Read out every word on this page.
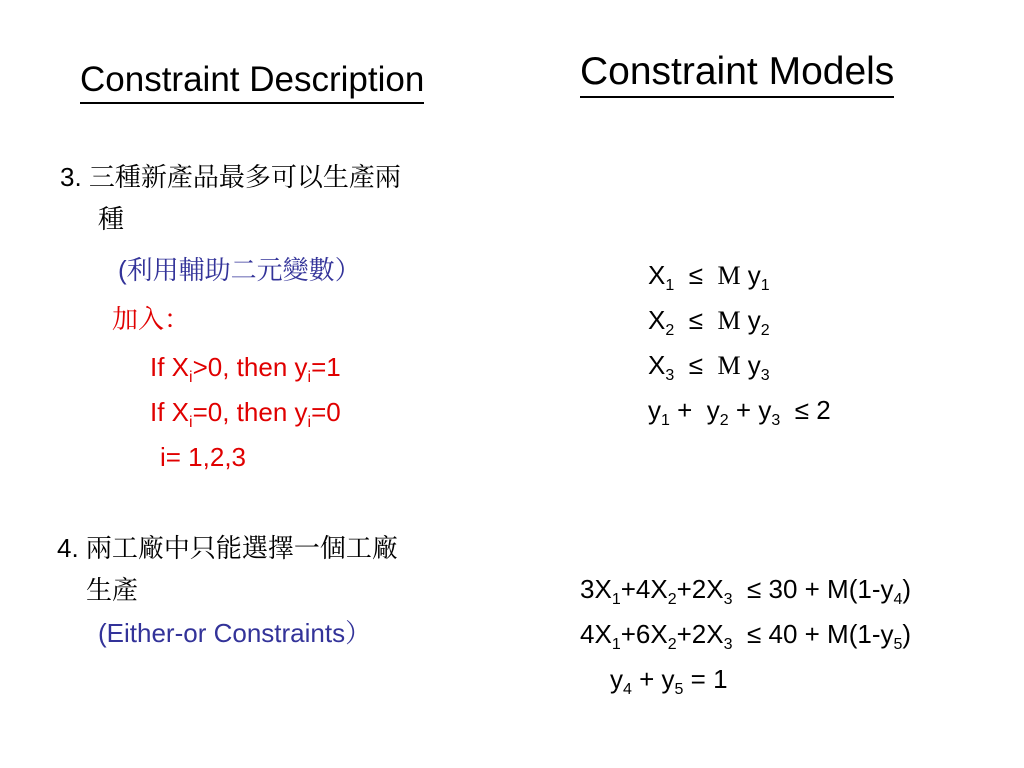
Constraint Description	Constraint Models
3. 三種新產品最多可以生產兩
種
(利用輔助二元變數）
加入：
If $X_i>0$, then $y_i=1$
If $X_i=0$, then $y_i=0$
i= 1,2,3
$X_1 \le M$ $y_1$
$X_2 \le M$ $y_2$
$X_3 \le M$ $y_3$
$y_1 + y_2 + y_3 \le 2$
4. 兩工廠中只能選擇一個工廠
生產
(Either-or Constraints）
$3X_1+4X_2+2X_3 \le 30 + M(1-y_4)$
$4X_1+6X_2+2X_3 \le 40 + M(1-y_5)$
$y_4 + y_5 = 1$
